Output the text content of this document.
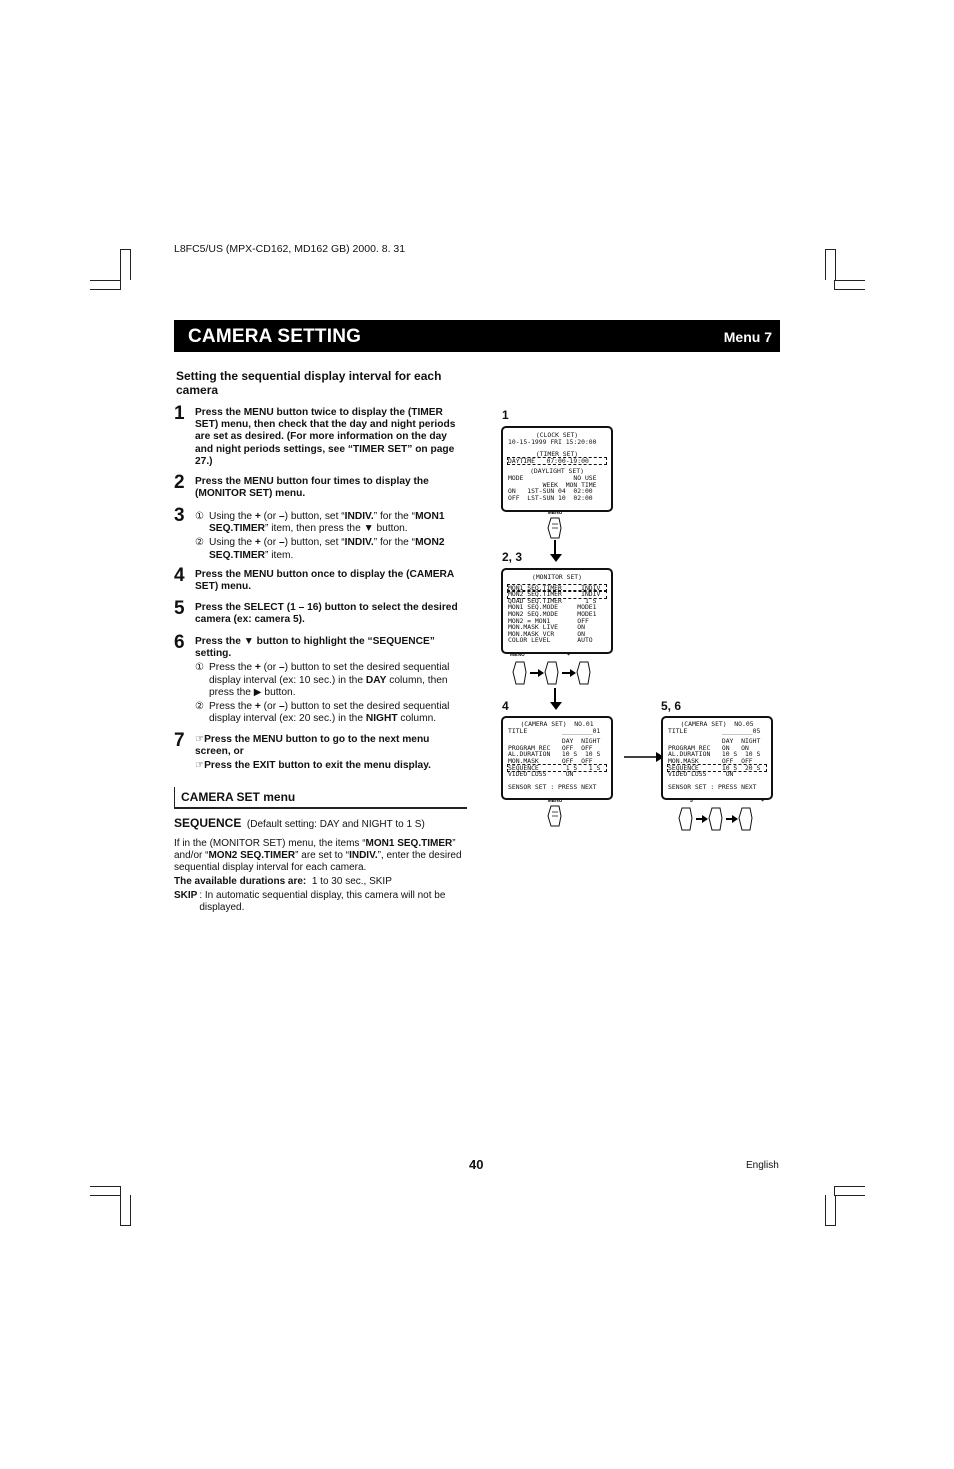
L8FC5/US (MPX-CD162, MD162 GB) 2000. 8. 31
CAMERA SETTING	Menu 7
Setting the sequential display interval for each camera
1 Press the MENU button twice to display the (TIMER SET) menu, then check that the day and night periods are set as desired. (For more information on the day and night periods settings, see “TIMER SET” on page 27.)
2 Press the MENU button four times to display the (MONITOR SET) menu.
3 ① Using the + (or –) button, set “INDIV.” for the “MON1 SEQ.TIMER” item, then press the ▼ button.
② Using the + (or –) button, set “INDIV.” for the “MON2 SEQ.TIMER” item.
4 Press the MENU button once to display the (CAMERA SET) menu.
5 Press the SELECT (1 – 16) button to select the desired camera (ex: camera 5).
6 Press the ▼ button to highlight the “SEQUENCE” setting.
① Press the + (or –) button to set the desired sequential display interval (ex: 10 sec.) in the DAY column, then press the ▶ button.
② Press the + (or –) button to set the desired sequential display interval (ex: 20 sec.) in the NIGHT column.
7 ☞Press the MENU button to go to the next menu screen, or
☞Press the EXIT button to exit the menu display.
CAMERA SET menu
SEQUENCE (Default setting: DAY and NIGHT to 1 S)
If in the (MONITOR SET) menu, the items “MON1 SEQ.TIMER” and/or “MON2 SEQ.TIMER” are set to “INDIV.”, enter the desired sequential display interval for each camera.
The available durations are: 1 to 30 sec., SKIP
SKIP : In automatic sequential display, this camera will not be displayed.
1
(CLOCK SET)
10-15-1999 FRI 15:20:00
(TIMER SET)
DAYTIME   07:00-19:00
(DAYLIGHT SET)
MODE             NO USE
WEEK  MON TIME
ON   1ST-SUN 04  02:00
OFF  LST-SUN 10  02:00
MENU
2, 3
(MONITOR SET)
MON1 SEQ.TIMER     INDIV
MON2 SEQ.TIMER     INDIV
QUAD SEQ.TIMER      1 S
MON1 SEQ.MODE     MODE1
MON2 SEQ.MODE     MODE1
MON2 = MON1       OFF
MON.MASK LIVE     ON
MON.MASK VCR      ON
COLOR LEVEL       AUTO
MENU	+
4
(CAMERA SET)  NO.01
TITLE         ________01
DAY  NIGHT
PROGRAM REC   OFF  OFF
AL.DURATION   10 S  10 S
MON.MASK      OFF  OFF
SEQUENCE       1 S   1 S
VIDEO LOSS     ON
SENSOR SET : PRESS NEXT
5, 6
(CAMERA SET)  NO.05
TITLE         ________05
DAY  NIGHT
PROGRAM REC   ON   ON
AL.DURATION   10 S  10 S
MON.MASK      OFF  OFF
SEQUENCE      10 S  20 S
VIDEO LOSS     ON
SENSOR SET : PRESS NEXT
MENU	5	+
40	English
